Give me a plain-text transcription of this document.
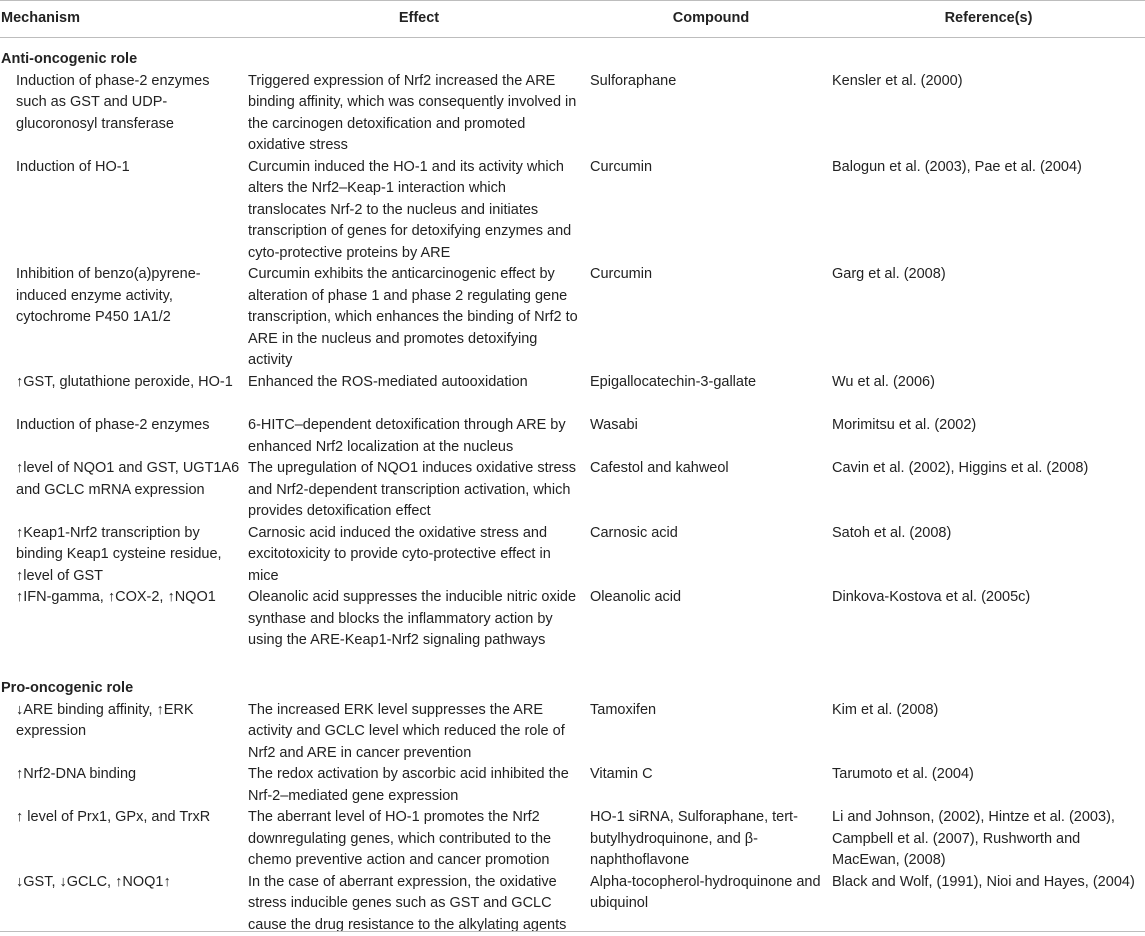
Mechanism	Effect	Compound	Reference(s)
Anti-oncogenic role			
Induction of phase-2 enzymes such as GST and UDP-glucoronosyl transferase	Triggered expression of Nrf2 increased the ARE binding affinity, which was consequently involved in the carcinogen detoxification and promoted oxidative stress	Sulforaphane	Kensler et al. (2000)
Induction of HO-1	Curcumin induced the HO-1 and its activity which alters the Nrf2–Keap-1 interaction which translocates Nrf-2 to the nucleus and initiates transcription of genes for detoxifying enzymes and cyto-protective proteins by ARE	Curcumin	Balogun et al. (2003), Pae et al. (2004)
Inhibition of benzo(a)pyrene-induced enzyme activity, cytochrome P450 1A1/2	Curcumin exhibits the anticarcinogenic effect by alteration of phase 1 and phase 2 regulating gene transcription, which enhances the binding of Nrf2 to ARE in the nucleus and promotes detoxifying activity	Curcumin	Garg et al. (2008)
↑GST, glutathione peroxide, HO-1	Enhanced the ROS-mediated autooxidation	Epigallocatechin-3-gallate	Wu et al. (2006)
Induction of phase-2 enzymes	6-HITC–dependent detoxification through ARE by enhanced Nrf2 localization at the nucleus	Wasabi	Morimitsu et al. (2002)
↑level of NQO1 and GST, UGT1A6 and GCLC mRNA expression	The upregulation of NQO1 induces oxidative stress and Nrf2-dependent transcription activation, which provides detoxification effect	Cafestol and kahweol	Cavin et al. (2002), Higgins et al. (2008)
↑Keap1-Nrf2 transcription by binding Keap1 cysteine residue, ↑level of GST	Carnosic acid induced the oxidative stress and excitotoxicity to provide cyto-protective effect in mice	Carnosic acid	Satoh et al. (2008)
↑IFN-gamma, ↑COX-2, ↑NQO1	Oleanolic acid suppresses the inducible nitric oxide synthase and blocks the inflammatory action by using the ARE-Keap1-Nrf2 signaling pathways	Oleanolic acid	Dinkova-Kostova et al. (2005c)
Pro-oncogenic role			
↓ARE binding affinity, ↑ERK expression	The increased ERK level suppresses the ARE activity and GCLC level which reduced the role of Nrf2 and ARE in cancer prevention	Tamoxifen	Kim et al. (2008)
↑Nrf2-DNA binding	The redox activation by ascorbic acid inhibited the Nrf-2–mediated gene expression	Vitamin C	Tarumoto et al. (2004)
↑ level of Prx1, GPx, and TrxR	The aberrant level of HO-1 promotes the Nrf2 downregulating genes, which contributed to the chemo preventive action and cancer promotion	HO-1 siRNA, Sulforaphane, tert-butylhydroquinone, and β-naphthoflavone	Li and Johnson, (2002), Hintze et al. (2003), Campbell et al. (2007), Rushworth and MacEwan, (2008)
↓GST, ↓GCLC, ↑NOQ1↑	In the case of aberrant expression, the oxidative stress inducible genes such as GST and GCLC cause the drug resistance to the alkylating agents	Alpha-tocopherol-hydroquinone and ubiquinol	Black and Wolf, (1991), Nioi and Hayes, (2004)
